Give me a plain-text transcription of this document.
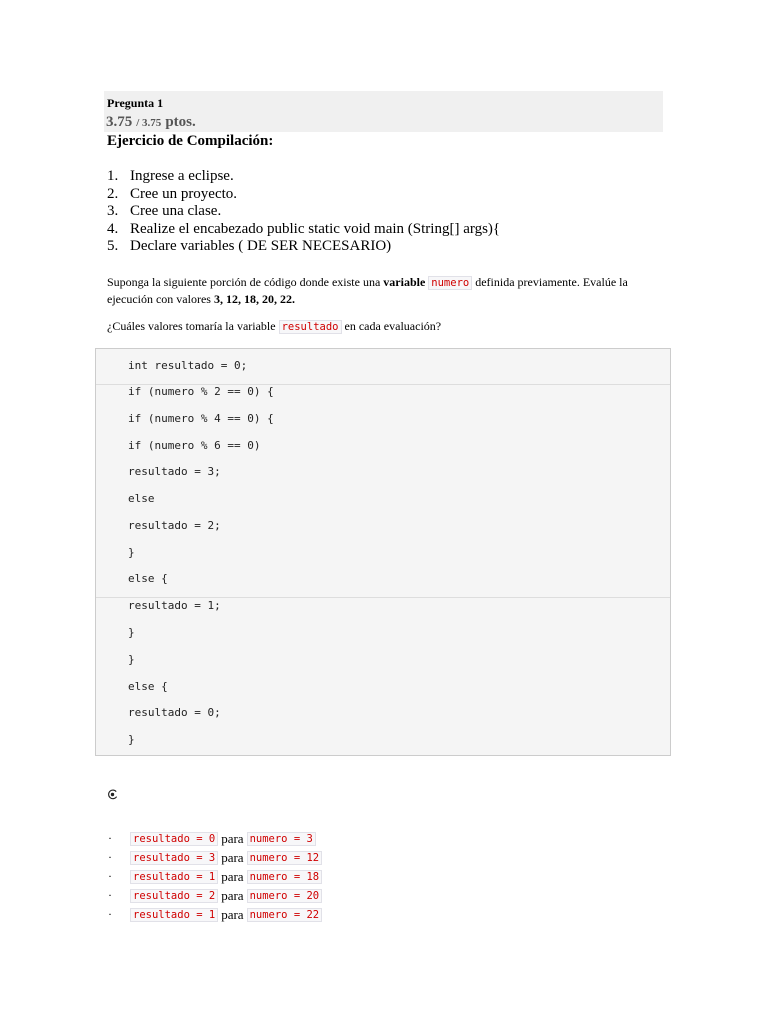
Pregunta 1
3.75 / 3.75 ptos.
Ejercicio de Compilación:
1. Ingrese a eclipse.
2. Cree un proyecto.
3. Cree una clase.
4. Realize el encabezado public static void main (String[] args){
5. Declare variables ( DE SER NECESARIO)
Suponga la siguiente porción de código donde existe una variable numero definida previamente. Evalúe la ejecución con valores 3, 12, 18, 20, 22.
¿Cuáles valores tomaría la variable resultado en cada evaluación?
int resultado = 0;
if (numero % 2 == 0) {
if (numero % 4 == 0) {
if (numero % 6 == 0)
resultado = 3;
else
resultado = 2;
}
else {
resultado = 1;
}
}
else {
resultado = 0;
}
·	resultado = 0 para numero = 3
·	resultado = 3 para numero = 12
·	resultado = 1 para numero = 18
·	resultado = 2 para numero = 20
·	resultado = 1 para numero = 22
